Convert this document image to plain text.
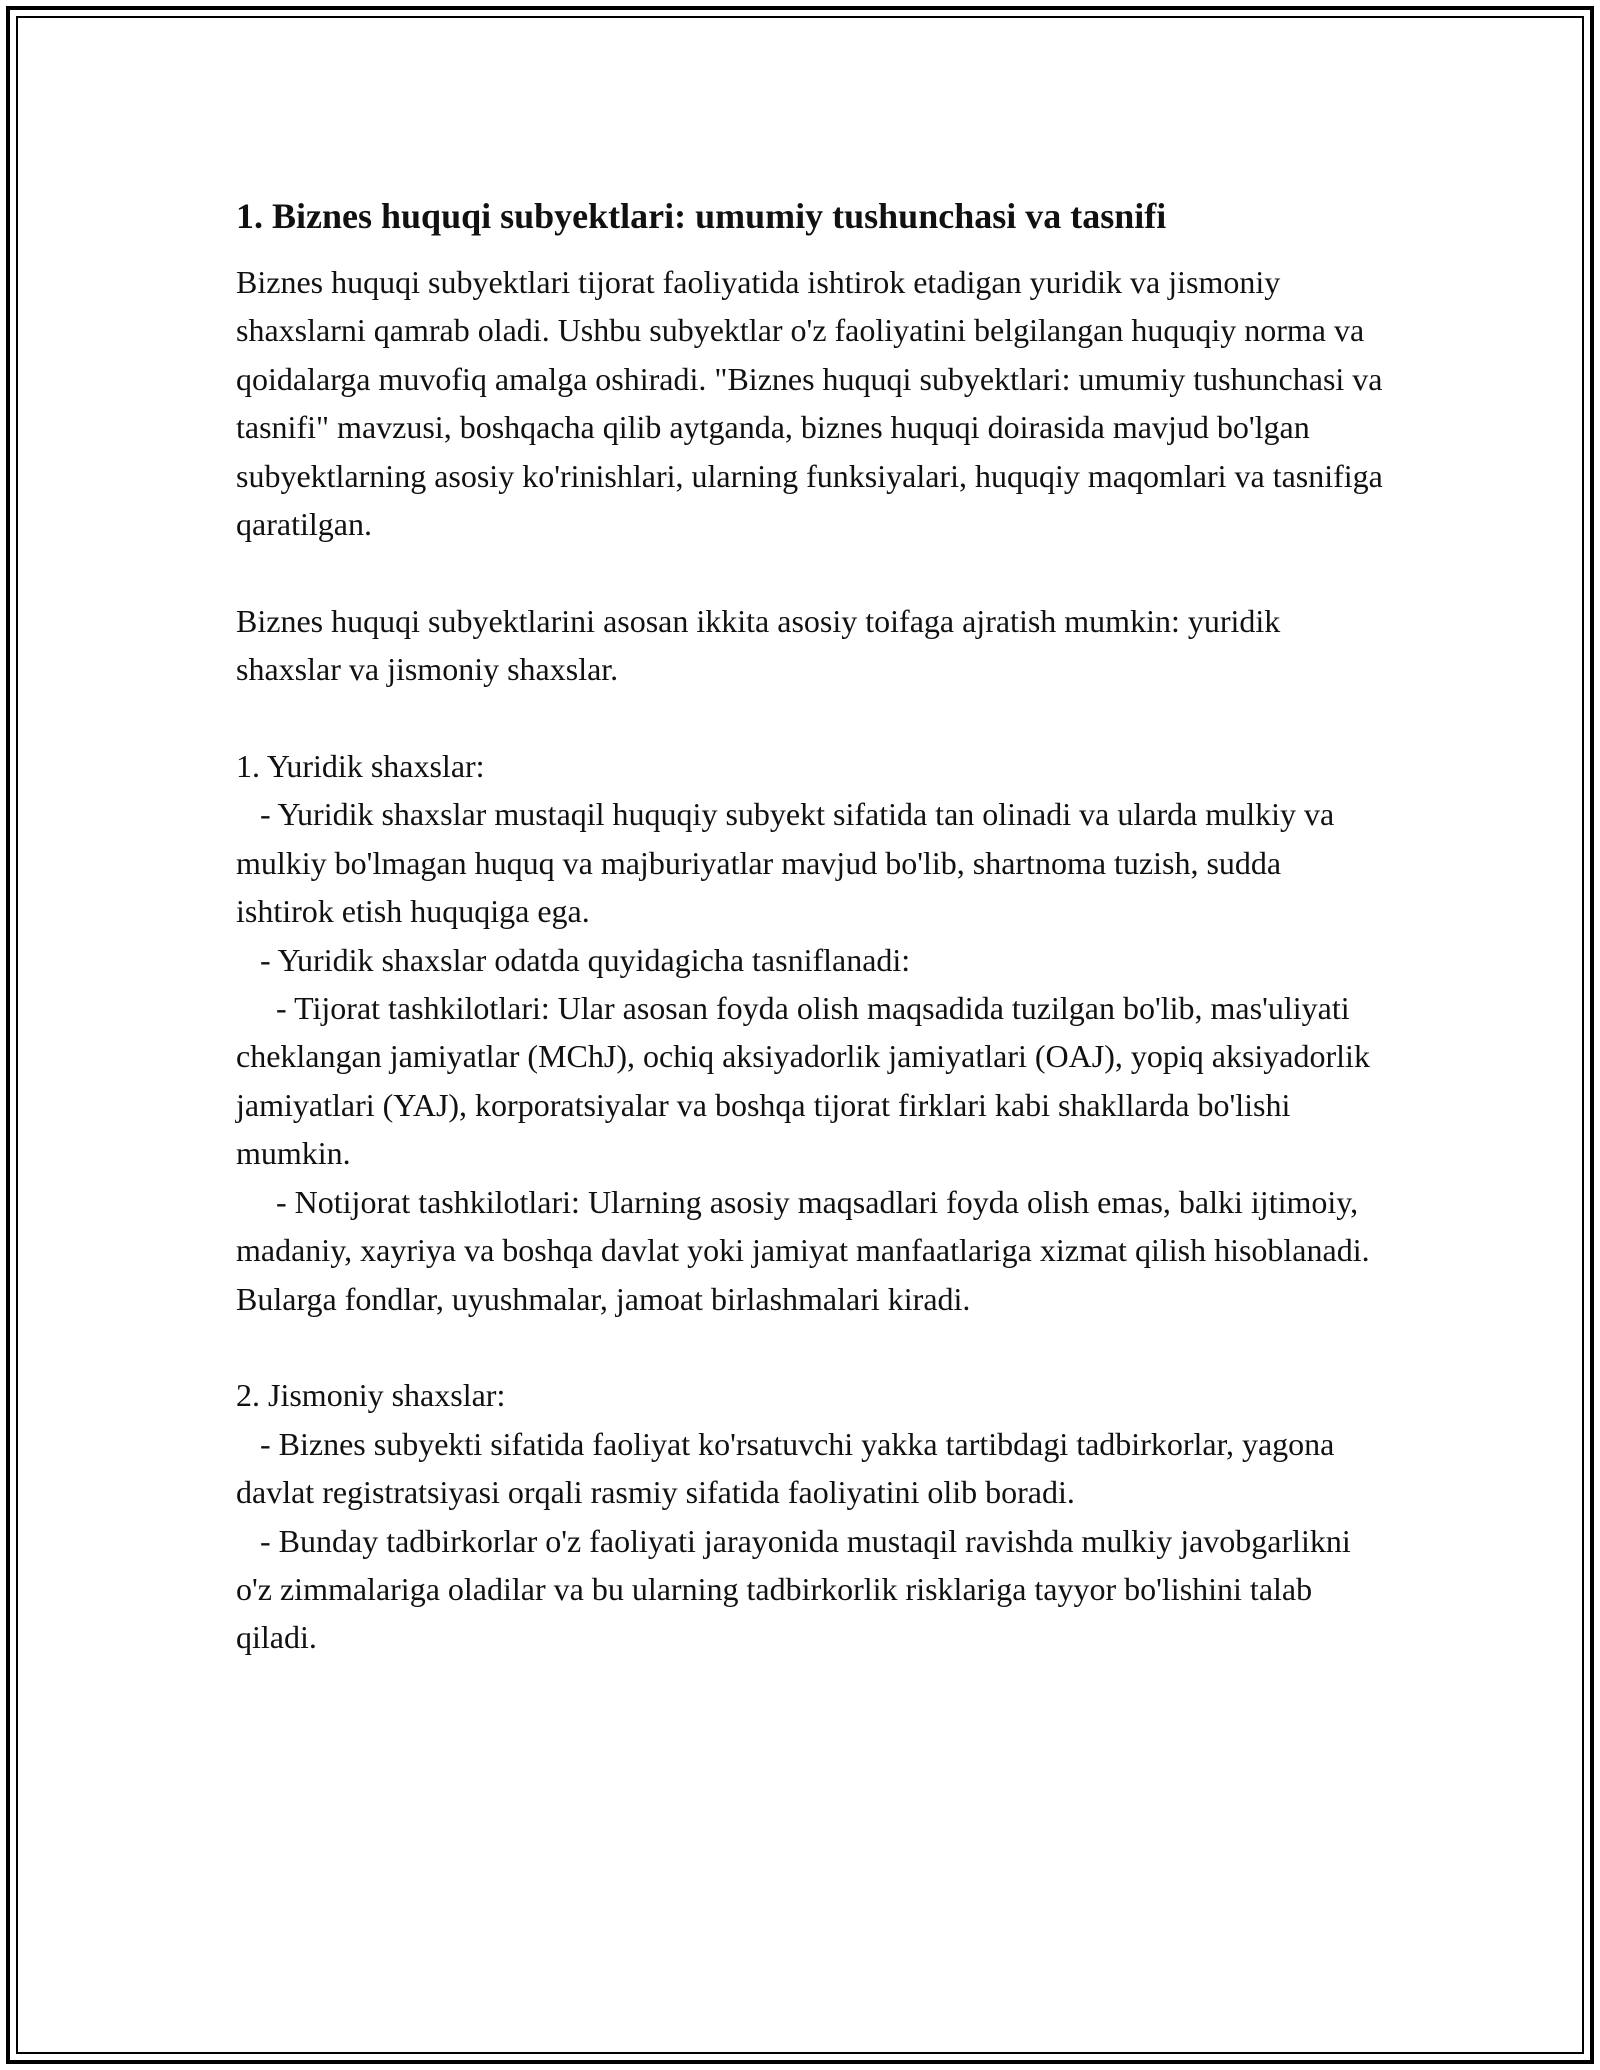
1. Biznes huquqi subyektlari: umumiy tushunchasi va tasnifi

Biznes huquqi subyektlari tijorat faoliyatida ishtirok etadigan yuridik va jismoniy shaxslarni qamrab oladi. Ushbu subyektlar o'z faoliyatini belgilangan huquqiy norma va qoidalarga muvofiq amalga oshiradi. "Biznes huquqi subyektlari: umumiy tushunchasi va tasnifi" mavzusi, boshqacha qilib aytganda, biznes huquqi doirasida mavjud bo'lgan subyektlarning asosiy ko'rinishlari, ularning funksiyalari, huquqiy maqomlari va tasnifiga qaratilgan.

Biznes huquqi subyektlarini asosan ikkita asosiy toifaga ajratish mumkin: yuridik shaxslar va jismoniy shaxslar.

1. Yuridik shaxslar:

- Yuridik shaxslar mustaqil huquqiy subyekt sifatida tan olinadi va ularda mulkiy va mulkiy bo'lmagan huquq va majburiyatlar mavjud bo'lib, shartnoma tuzish, sudda ishtirok etish huquqiga ega.

- Yuridik shaxslar odatda quyidagicha tasniflanadi:

- Tijorat tashkilotlari: Ular asosan foyda olish maqsadida tuzilgan bo'lib, mas'uliyati cheklangan jamiyatlar (MChJ), ochiq aksiyadorlik jamiyatlari (OAJ), yopiq aksiyadorlik jamiyatlari (YAJ), korporatsiyalar va boshqa tijorat firklari kabi shakllarda bo'lishi mumkin.

- Notijorat tashkilotlari: Ularning asosiy maqsadlari foyda olish emas, balki ijtimoiy, madaniy, xayriya va boshqa davlat yoki jamiyat manfaatlariga xizmat qilish hisoblanadi. Bularga fondlar, uyushmalar, jamoat birlashmalari kiradi.

2. Jismoniy shaxslar:

- Biznes subyekti sifatida faoliyat ko'rsatuvchi yakka tartibdagi tadbirkorlar, yagona davlat registratsiyasi orqali rasmiy sifatida faoliyatini olib boradi.

- Bunday tadbirkorlar o'z faoliyati jarayonida mustaqil ravishda mulkiy javobgarlikni o'z zimmalariga oladilar va bu ularning tadbirkorlik risklariga tayyor bo'lishini talab qiladi.
